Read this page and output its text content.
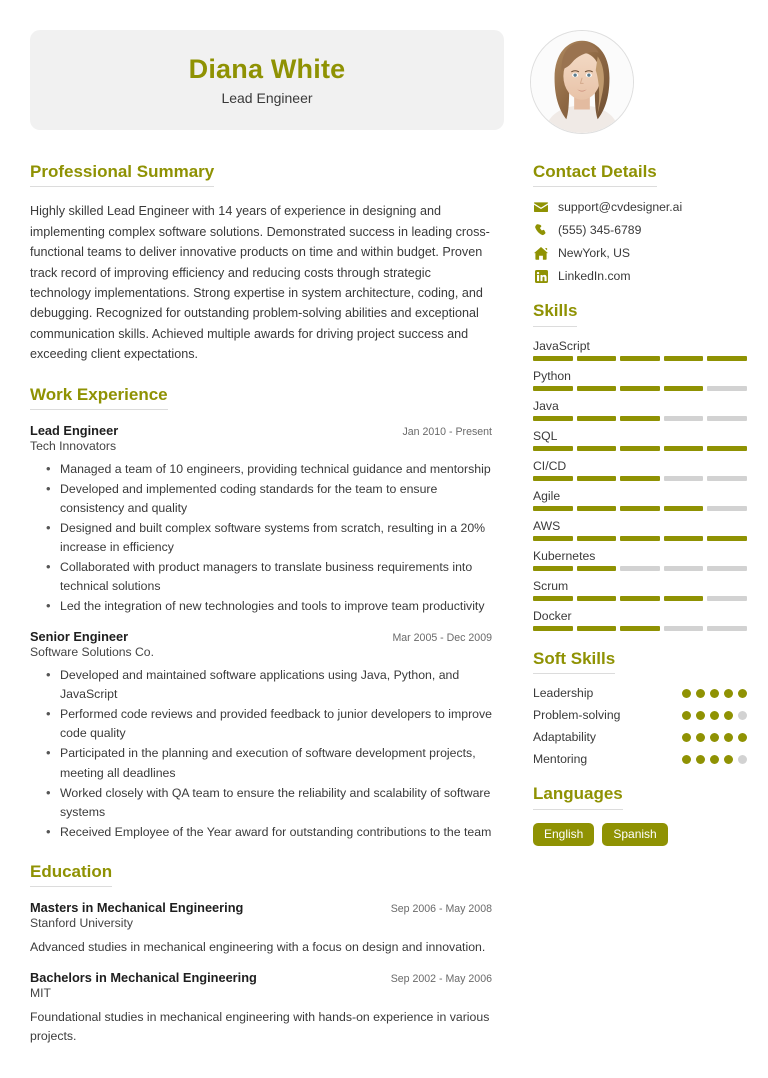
Diana White
Lead Engineer
Professional Summary
Highly skilled Lead Engineer with 14 years of experience in designing and implementing complex software solutions. Demonstrated success in leading cross-functional teams to deliver innovative products on time and within budget. Proven track record of improving efficiency and reducing costs through strategic technology implementations. Strong expertise in system architecture, coding, and debugging. Recognized for outstanding problem-solving abilities and exceptional communication skills. Achieved multiple awards for driving project success and exceeding client expectations.
Work Experience
Lead Engineer	Jan 2010 - Present
Tech Innovators
• Managed a team of 10 engineers, providing technical guidance and mentorship
• Developed and implemented coding standards for the team to ensure consistency and quality
• Designed and built complex software systems from scratch, resulting in a 20% increase in efficiency
• Collaborated with product managers to translate business requirements into technical solutions
• Led the integration of new technologies and tools to improve team productivity
Senior Engineer	Mar 2005 - Dec 2009
Software Solutions Co.
• Developed and maintained software applications using Java, Python, and JavaScript
• Performed code reviews and provided feedback to junior developers to improve code quality
• Participated in the planning and execution of software development projects, meeting all deadlines
• Worked closely with QA team to ensure the reliability and scalability of software systems
• Received Employee of the Year award for outstanding contributions to the team
Education
Masters in Mechanical Engineering	Sep 2006 - May 2008
Stanford University
Advanced studies in mechanical engineering with a focus on design and innovation.
Bachelors in Mechanical Engineering	Sep 2002 - May 2006
MIT
Foundational studies in mechanical engineering with hands-on experience in various projects.
Contact Details
support@cvdesigner.ai
(555) 345-6789
NewYork, US
LinkedIn.com
Skills
JavaScript
Python
Java
SQL
CI/CD
Agile
AWS
Kubernetes
Scrum
Docker
Soft Skills
Leadership
Problem-solving
Adaptability
Mentoring
Languages
English	Spanish
